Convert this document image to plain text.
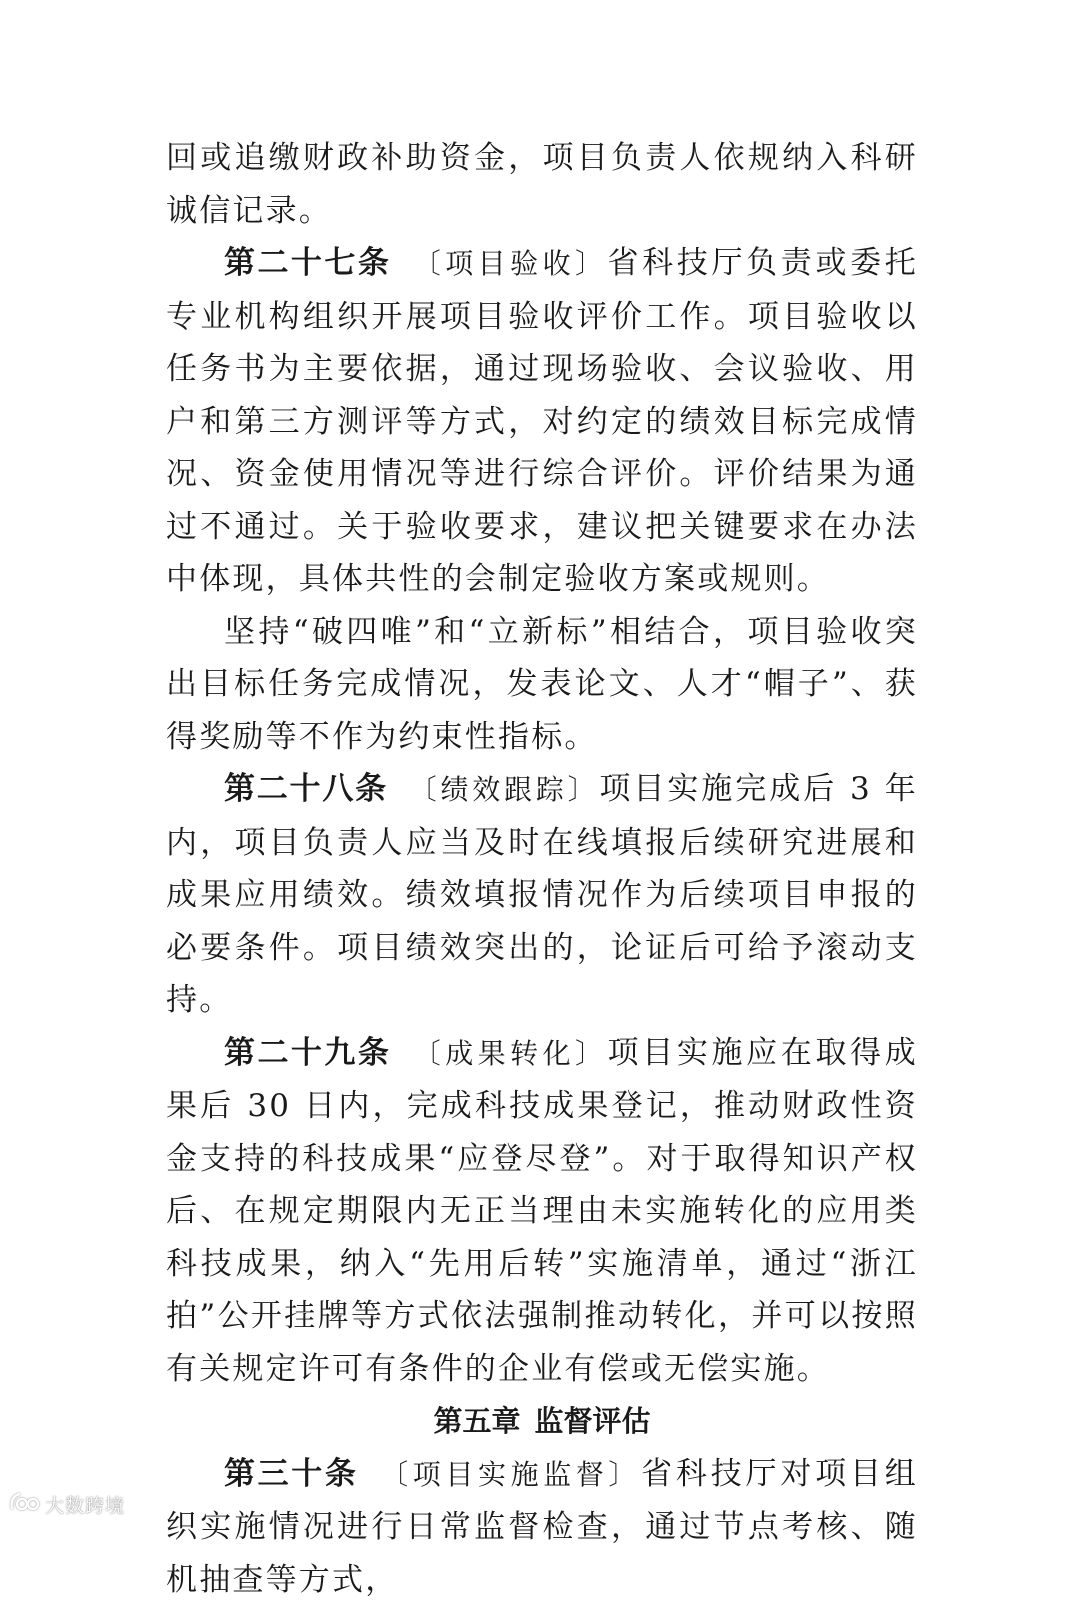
回或追缴财政补助资金，项目负责人依规纳入科研诚信记录。

第二十七条 〔项目验收〕省科技厅负责或委托专业机构组织开展项目验收评价工作。项目验收以任务书为主要依据，通过现场验收、会议验收、用户和第三方测评等方式，对约定的绩效目标完成情况、资金使用情况等进行综合评价。评价结果为通过不通过。关于验收要求，建议把关键要求在办法中体现，具体共性的会制定验收方案或规则。

坚持“破四唯”和“立新标”相结合，项目验收突出目标任务完成情况，发表论文、人才“帽子”、获得奖励等不作为约束性指标。

第二十八条 〔绩效跟踪〕项目实施完成后 3 年内，项目负责人应当及时在线填报后续研究进展和成果应用绩效。绩效填报情况作为后续项目申报的必要条件。项目绩效突出的，论证后可给予滚动支持。

第二十九条 〔成果转化〕项目实施应在取得成果后 30 日内，完成科技成果登记，推动财政性资金支持的科技成果“应登尽登”。对于取得知识产权后、在规定期限内无正当理由未实施转化的应用类科技成果，纳入“先用后转”实施清单，通过“浙江拍”公开挂牌等方式依法强制推动转化，并可以按照有关规定许可有条件的企业有偿或无偿实施。

第五章 监督评估

第三十条 〔项目实施监督〕省科技厅对项目组织实施情况进行日常监督检查，通过节点考核、随机抽查等方式，

大数跨境
